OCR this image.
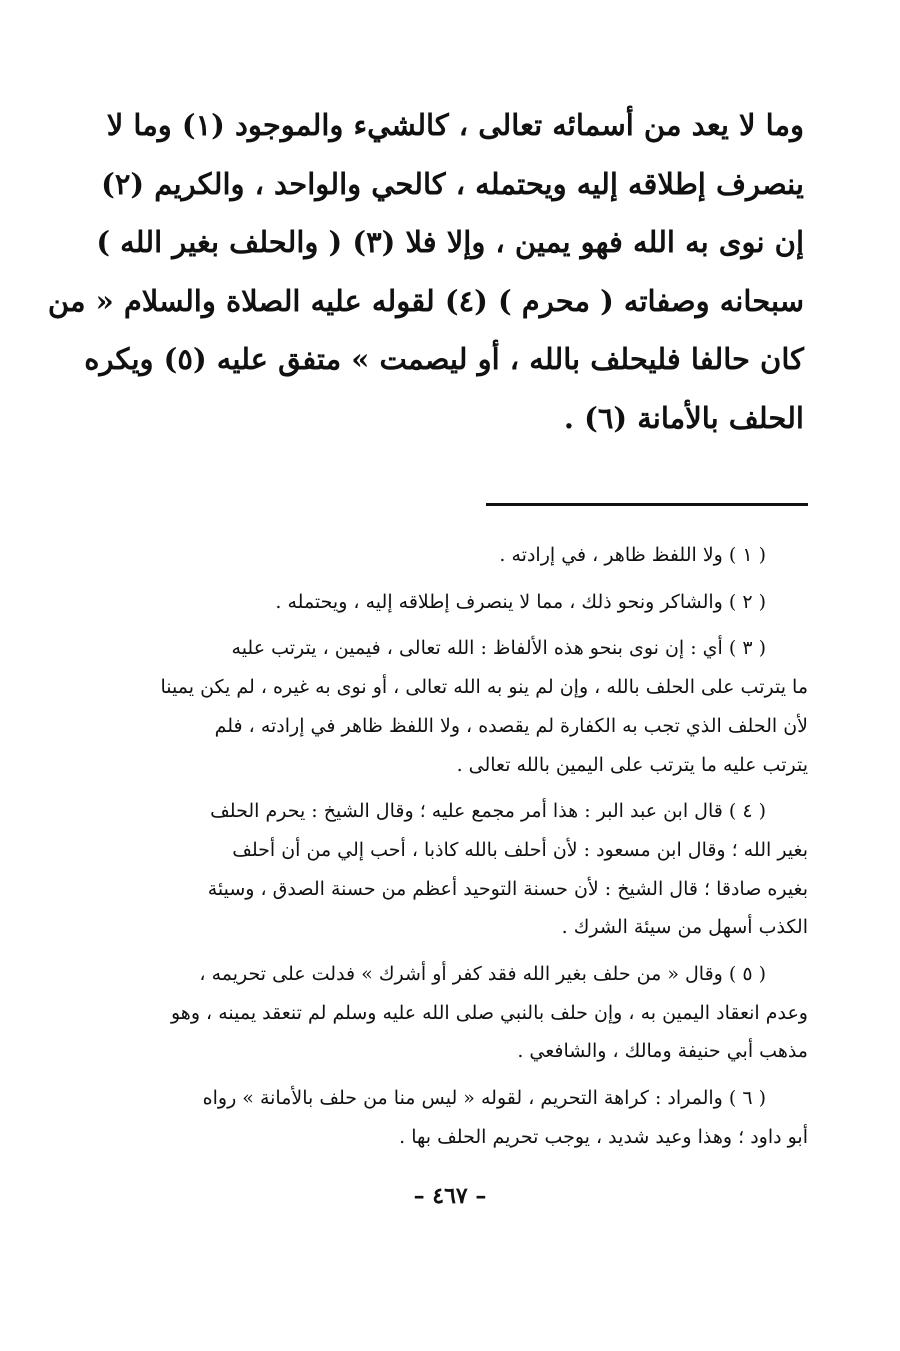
وما لا يعد من أسمائه تعالى ، كالشيء والموجود (١) وما لا
ينصرف إطلاقه إليه ويحتمله ، كالحي والواحد ، والكريم (٢)
إن نوى به الله فهو يمين ، وإلا فلا (٣) ( والحلف بغير الله )
سبحانه وصفاته ( محرم ) (٤) لقوله عليه الصلاة والسلام « من
كان حالفا فليحلف بالله ، أو ليصمت » متفق عليه (٥) ويكره
الحلف بالأمانة (٦) .
( ١ ) ولا اللفظ ظاهر ، في إرادته .
( ٢ ) والشاكر ونحو ذلك ، مما لا ينصرف إطلاقه إليه ، ويحتمله .
( ٣ ) أي : إن نوى بنحو هذه الألفاظ : الله تعالى ، فيمين ، يترتب عليه
ما يترتب على الحلف بالله ، وإن لم ينو به الله تعالى ، أو نوى به غيره ، لم يكن يمينا
لأن الحلف الذي تجب به الكفارة لم يقصده ، ولا اللفظ ظاهر في إرادته ، فلم
يترتب عليه ما يترتب على اليمين بالله تعالى .
( ٤ ) قال ابن عبد البر : هذا أمر مجمع عليه ؛ وقال الشيخ : يحرم الحلف
بغير الله ؛ وقال ابن مسعود : لأن أحلف بالله كاذبا ، أحب إلي من أن أحلف
بغيره صادقا ؛ قال الشيخ : لأن حسنة التوحيد أعظم من حسنة الصدق ، وسيئة
الكذب أسهل من سيئة الشرك .
( ٥ ) وقال « من حلف بغير الله فقد كفر أو أشرك » فدلت على تحريمه ،
وعدم انعقاد اليمين به ، وإن حلف بالنبي صلى الله عليه وسلم لم تنعقد يمينه ، وهو
مذهب أبي حنيفة ومالك ، والشافعي .
( ٦ ) والمراد : كراهة التحريم ، لقوله « ليس منا من حلف بالأمانة » رواه
أبو داود ؛ وهذا وعيد شديد ، يوجب تحريم الحلف بها .
– ٤٦٧ –
